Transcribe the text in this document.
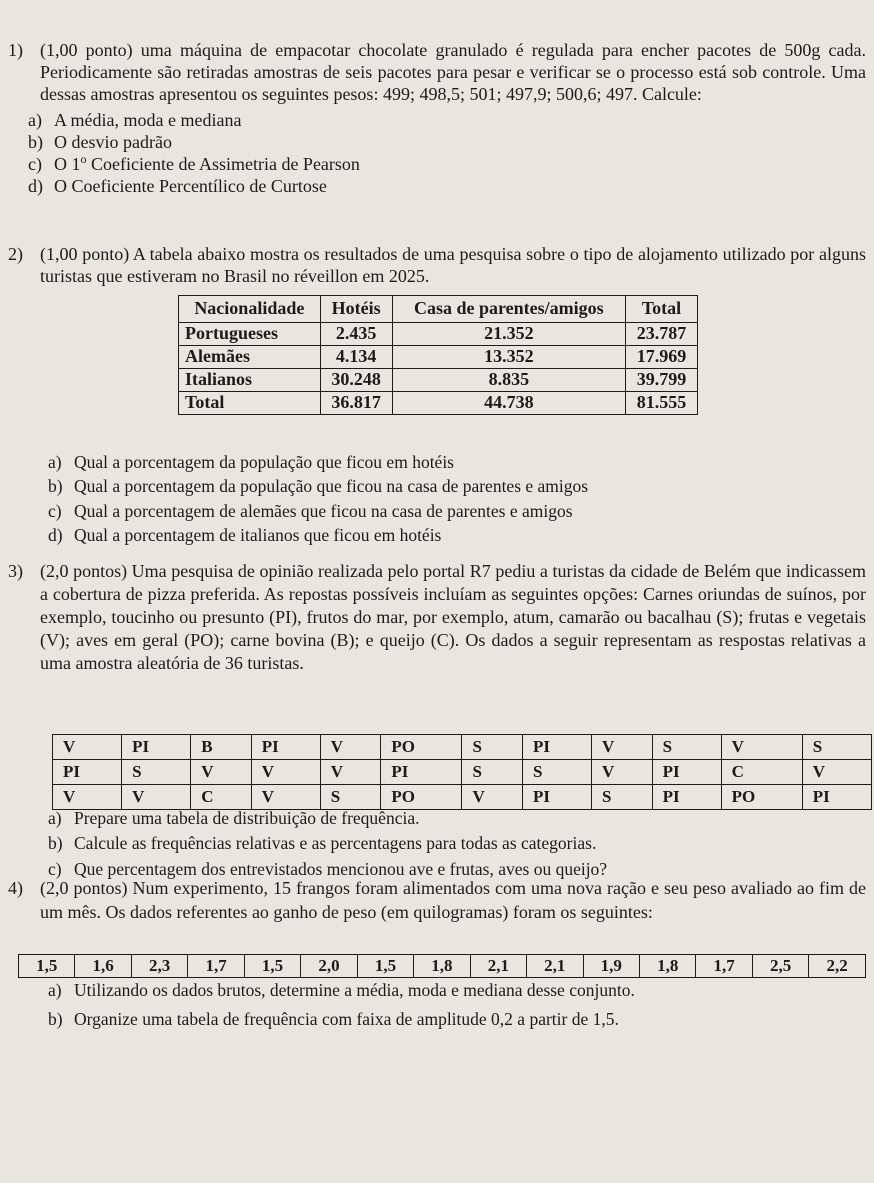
1) (1,00 ponto) uma máquina de empacotar chocolate granulado é regulada para encher pacotes de 500g cada. Periodicamente são retiradas amostras de seis pacotes para pesar e verificar se o processo está sob controle. Uma dessas amostras apresentou os seguintes pesos: 499; 498,5; 501; 497,9; 500,6; 497. Calcule:
a) A média, moda e mediana
b) O desvio padrão
c) O 1$^o$ Coeficiente de Assimetria de Pearson
d) O Coeficiente Percentílico de Curtose
2) (1,00 ponto) A tabela abaixo mostra os resultados de uma pesquisa sobre o tipo de alojamento utilizado por alguns turistas que estiveram no Brasil no réveillon em 2025.
Nacionalidade	Hotéis	Casa de parentes/amigos	Total
Portugueses	2.435	21.352	23.787
Alemães	4.134	13.352	17.969
Italianos	30.248	8.835	39.799
Total	36.817	44.738	81.555
a) Qual a porcentagem da população que ficou em hotéis
b) Qual a porcentagem da população que ficou na casa de parentes e amigos
c) Qual a porcentagem de alemães que ficou na casa de parentes e amigos
d) Qual a porcentagem de italianos que ficou em hotéis
3) (2,0 pontos) Uma pesquisa de opinião realizada pelo portal R7 pediu a turistas da cidade de Belém que indicassem a cobertura de pizza preferida. As repostas possíveis incluíam as seguintes opções: Carnes oriundas de suínos, por exemplo, toucinho ou presunto (PI), frutos do mar, por exemplo, atum, camarão ou bacalhau (S); frutas e vegetais (V); aves em geral (PO); carne bovina (B); e queijo (C). Os dados a seguir representam as respostas relativas a uma amostra aleatória de 36 turistas.
V	PI	B	PI	V	PO	S	PI	V	S	V	S
PI	S	V	V	V	PI	S	S	V	PI	C	V
V	V	C	V	S	PO	V	PI	S	PI	PO	PI
a) Prepare uma tabela de distribuição de frequência.
b) Calcule as frequências relativas e as percentagens para todas as categorias.
c) Que percentagem dos entrevistados mencionou ave e frutas, aves ou queijo?
4) (2,0 pontos) Num experimento, 15 frangos foram alimentados com uma nova ração e seu peso avaliado ao fim de um mês. Os dados referentes ao ganho de peso (em quilogramas) foram os seguintes:
1,5	1,6	2,3	1,7	1,5	2,0	1,5	1,8	2,1	2,1	1,9	1,8	1,7	2,5	2,2
a) Utilizando os dados brutos, determine a média, moda e mediana desse conjunto.
b) Organize uma tabela de frequência com faixa de amplitude 0,2 a partir de 1,5.
